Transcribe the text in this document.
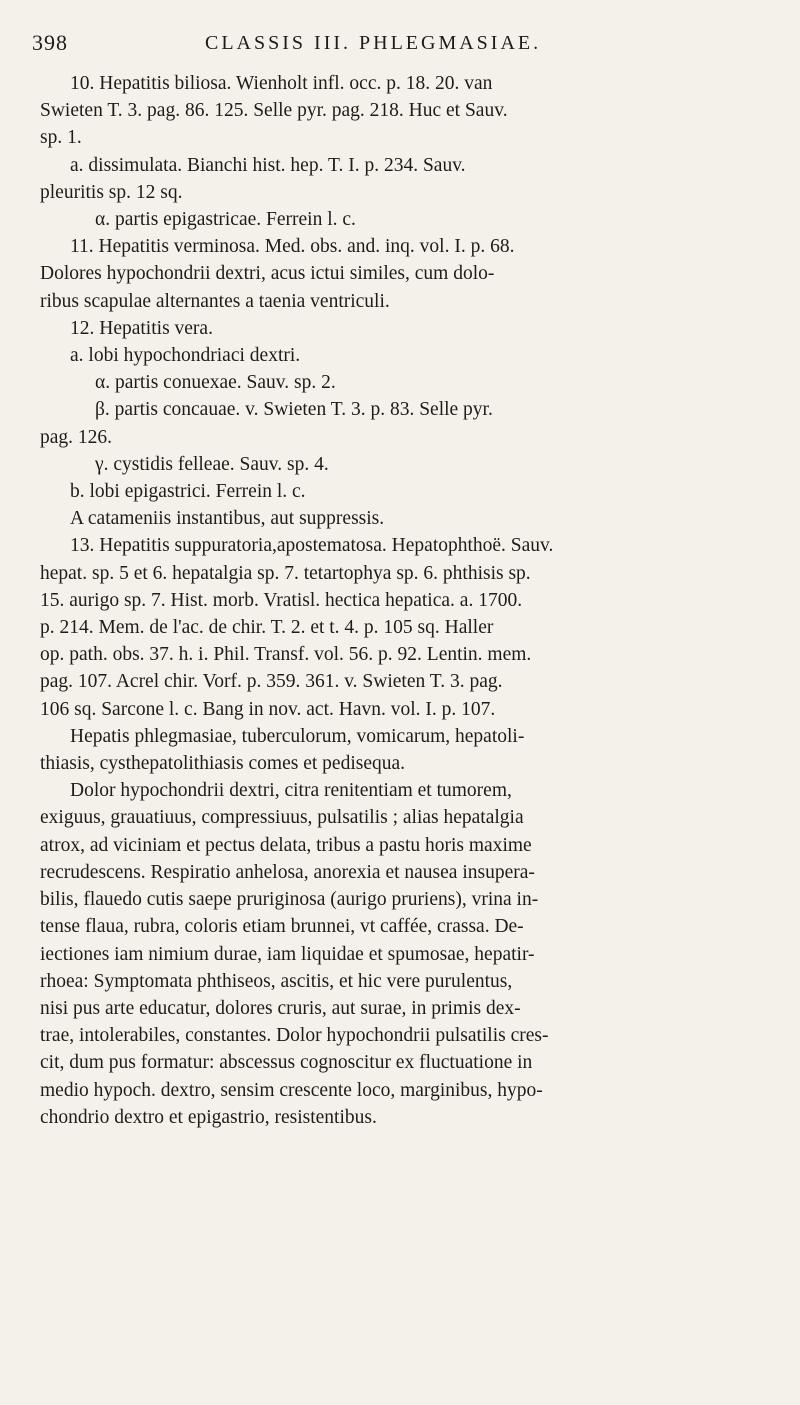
398	CLASSIS III. PHLEGMASIAE.

10. Hepatitis biliosa. Wienholt infl. occ. p. 18. 20. van

Swieten T. 3. pag. 86. 125. Selle pyr. pag. 218. Huc et Sauv.

sp. 1.

a. dissimulata. Bianchi hist. hep. T. I. p. 234. Sauv.

pleuritis sp. 12 sq.

α. partis epigastricae. Ferrein l. c.

11. Hepatitis verminosa. Med. obs. and. inq. vol. I. p. 68.

Dolores hypochondrii dextri, acus ictui similes, cum dolo-

ribus scapulae alternantes a taenia ventriculi.

12. Hepatitis vera.

a. lobi hypochondriaci dextri.

α. partis conuexae. Sauv. sp. 2.

β. partis concauae. v. Swieten T. 3. p. 83. Selle pyr.

pag. 126.

γ. cystidis felleae. Sauv. sp. 4.

b. lobi epigastrici. Ferrein l. c.

A catameniis instantibus, aut suppressis.

13. Hepatitis suppuratoria,apostematosa. Hepatophthoë. Sauv.

hepat. sp. 5 et 6. hepatalgia sp. 7. tetartophya sp. 6. phthisis sp.

15. aurigo sp. 7. Hist. morb. Vratisl. hectica hepatica. a. 1700.

p. 214. Mem. de l'ac. de chir. T. 2. et t. 4. p. 105 sq. Haller

op. path. obs. 37. h. i. Phil. Transf. vol. 56. p. 92. Lentin. mem.

pag. 107. Acrel chir. Vorf. p. 359. 361. v. Swieten T. 3. pag.

106 sq. Sarcone l. c. Bang in nov. act. Havn. vol. I. p. 107.

Hepatis phlegmasiae, tuberculorum, vomicarum, hepatoli-

thiasis, cysthepatolithiasis comes et pedisequa.

Dolor hypochondrii dextri, citra renitentiam et tumorem,

exiguus, grauatiuus, compressiuus, pulsatilis ; alias hepatalgia

atrox, ad viciniam et pectus delata, tribus a pastu horis maxime

recrudescens. Respiratio anhelosa, anorexia et nausea insupera-

bilis, flauedo cutis saepe pruriginosa (aurigo pruriens), vrina in-

tense flaua, rubra, coloris etiam brunnei, vt caffée, crassa. De-

iectiones iam nimium durae, iam liquidae et spumosae, hepatir-

rhoea: Symptomata phthiseos, ascitis, et hic vere purulentus,

nisi pus arte educatur, dolores cruris, aut surae, in primis dex-

trae, intolerabiles, constantes. Dolor hypochondrii pulsatilis cres-

cit, dum pus formatur: abscessus cognoscitur ex fluctuatione in

medio hypoch. dextro, sensim crescente loco, marginibus, hypo-

chondrio dextro et epigastrio, resistentibus.
